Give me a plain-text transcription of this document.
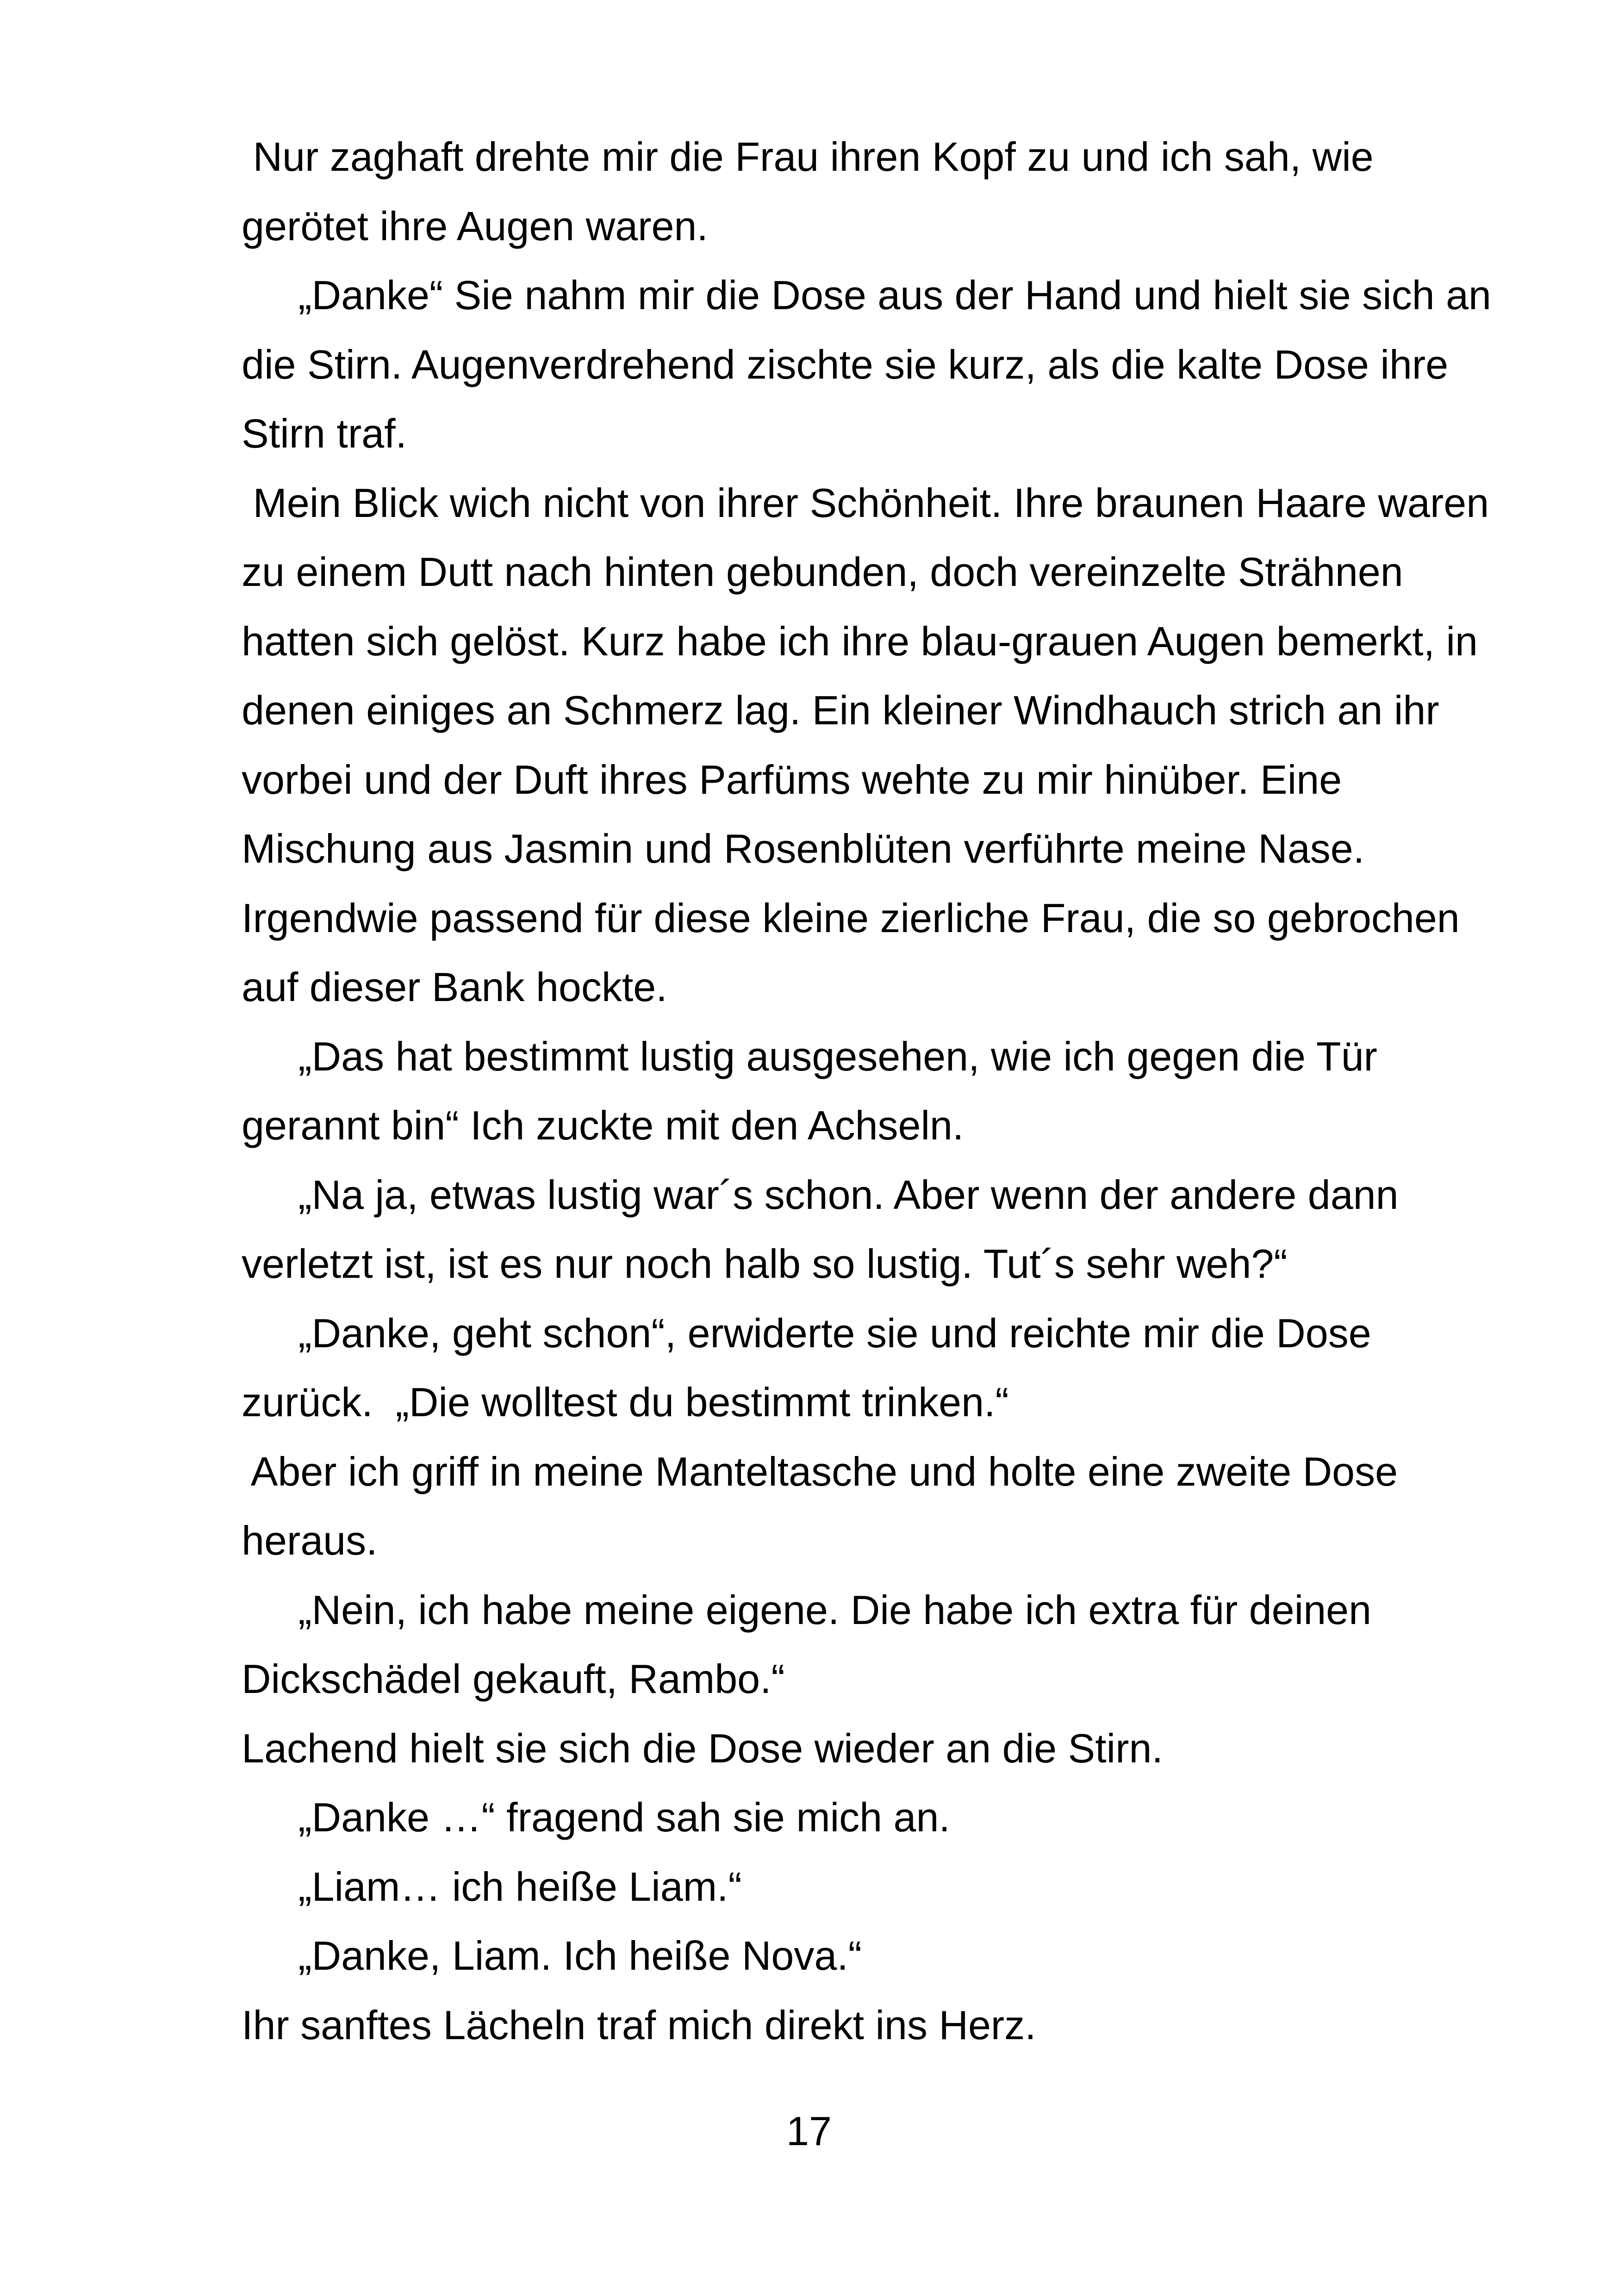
Nur zaghaft drehte mir die Frau ihren Kopf zu und ich sah, wie
gerötet ihre Augen waren.
„Danke“ Sie nahm mir die Dose aus der Hand und hielt sie sich an
die Stirn. Augenverdrehend zischte sie kurz, als die kalte Dose ihre
Stirn traf.
Mein Blick wich nicht von ihrer Schönheit. Ihre braunen Haare waren
zu einem Dutt nach hinten gebunden, doch vereinzelte Strähnen
hatten sich gelöst. Kurz habe ich ihre blau-grauen Augen bemerkt, in
denen einiges an Schmerz lag. Ein kleiner Windhauch strich an ihr
vorbei und der Duft ihres Parfüms wehte zu mir hinüber. Eine
Mischung aus Jasmin und Rosenblüten verführte meine Nase.
Irgendwie passend für diese kleine zierliche Frau, die so gebrochen
auf dieser Bank hockte.
„Das hat bestimmt lustig ausgesehen, wie ich gegen die Tür
gerannt bin“ Ich zuckte mit den Achseln.
„Na ja, etwas lustig war´s schon. Aber wenn der andere dann
verletzt ist, ist es nur noch halb so lustig. Tut´s sehr weh?“
„Danke, geht schon“, erwiderte sie und reichte mir die Dose
zurück.  „Die wolltest du bestimmt trinken.“
Aber ich griff in meine Manteltasche und holte eine zweite Dose
heraus.
„Nein, ich habe meine eigene. Die habe ich extra für deinen
Dickschädel gekauft, Rambo.“
Lachend hielt sie sich die Dose wieder an die Stirn.
„Danke …“ fragend sah sie mich an.
„Liam… ich heiße Liam.“
„Danke, Liam. Ich heiße Nova.“
Ihr sanftes Lächeln traf mich direkt ins Herz.
17
